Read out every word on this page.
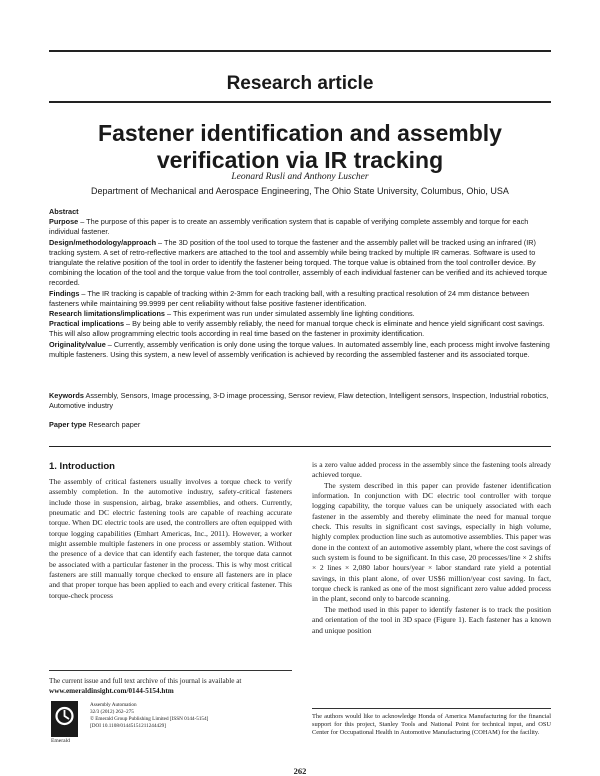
Research article
Fastener identification and assembly verification via IR tracking
Leonard Rusli and Anthony Luscher
Department of Mechanical and Aerospace Engineering, The Ohio State University, Columbus, Ohio, USA
Abstract

Purpose – The purpose of this paper is to create an assembly verification system that is capable of verifying complete assembly and torque for each individual fastener.

Design/methodology/approach – The 3D position of the tool used to torque the fastener and the assembly pallet will be tracked using an infrared (IR) tracking system. A set of retro-reflective markers are attached to the tool and assembly while being tracked by multiple IR cameras. Software is used to triangulate the relative position of the tool in order to identify the fastener being torqued. The torque value is obtained from the tool controller device. By combining the location of the tool and the torque value from the tool controller, assembly of each individual fastener can be verified and its achieved torque recorded.

Findings – The IR tracking is capable of tracking within 2-3mm for each tracking ball, with a resulting practical resolution of 24 mm distance between fasteners while maintaining 99.9999 per cent reliability without false positive fastener identification.

Research limitations/implications – This experiment was run under simulated assembly line lighting conditions.

Practical implications – By being able to verify assembly reliably, the need for manual torque check is eliminate and hence yield significant cost savings. This will also allow programming electric tools according in real time based on the fastener in proximity identification.

Originality/value – Currently, assembly verification is only done using the torque values. In automated assembly line, each process might involve fastening multiple fasteners. Using this system, a new level of assembly verification is achieved by recording the assembled fastener and its associated torque.

Keywords Assembly, Sensors, Image processing, 3-D image processing, Sensor review, Flaw detection, Intelligent sensors, Inspection, Industrial robotics, Automotive industry
Paper type Research paper
1. Introduction

The assembly of critical fasteners usually involves a torque check to verify assembly completion. In the automotive industry, safety-critical fasteners include those in suspension, airbag, brake assemblies, and others. Currently, pneumatic and DC electric fastening tools are capable of reaching accurate torque. When DC electric tools are used, the controllers are often equipped with torque logging capabilities (Emhart Americas, Inc., 2011). However, a worker might assemble multiple fasteners in one process or assembly station. Without the presence of a device that can identify each fastener, the torque data cannot be associated with a particular fastener in the process. This is why most critical fasteners are still manually torque checked to ensure all fasteners are in place and that proper torque has been applied to each and every critical fastener. This torque-check process

is a zero value added process in the assembly since the fastening tools already achieved torque.

The system described in this paper can provide fastener identification information. In conjunction with DC electric tool controller with torque logging capability, the torque values can be uniquely associated with each fastener in the assembly and thereby eliminate the need for manual torque check. This results in significant cost savings, especially in high volume, highly complex production line such as automotive assemblies. This paper was done in the context of an automotive assembly plant, where the cost savings of such system is found to be significant. In this case, 20 processes/line × 2 shifts × 2 lines × 2,080 labor hours/year × labor standard rate yield a potential savings, in this plant alone, of over US$6 million/year cost saving. In fact, torque check is ranked as one of the most significant zero value added process in the plant, second only to barcode scanning.

The method used in this paper to identify fastener is to track the position and orientation of the tool in 3D space (Figure 1). Each fastener has a known and unique position

The current issue and full text archive of this journal is available at
www.emeraldinsight.com/0144-5154.htm
Emerald
Assembly Automation
32/3 (2012) 262–275
© Emerald Group Publishing Limited [ISSN 0144-5154]
[DOI 10.1108/01445151211244429]
The authors would like to acknowledge Honda of America Manufacturing for the financial support for this project, Stanley Tools and National Point for technical input, and OSU Center for Occupational Health in Automotive Manufacturing (COHAM) for the facility.
262
